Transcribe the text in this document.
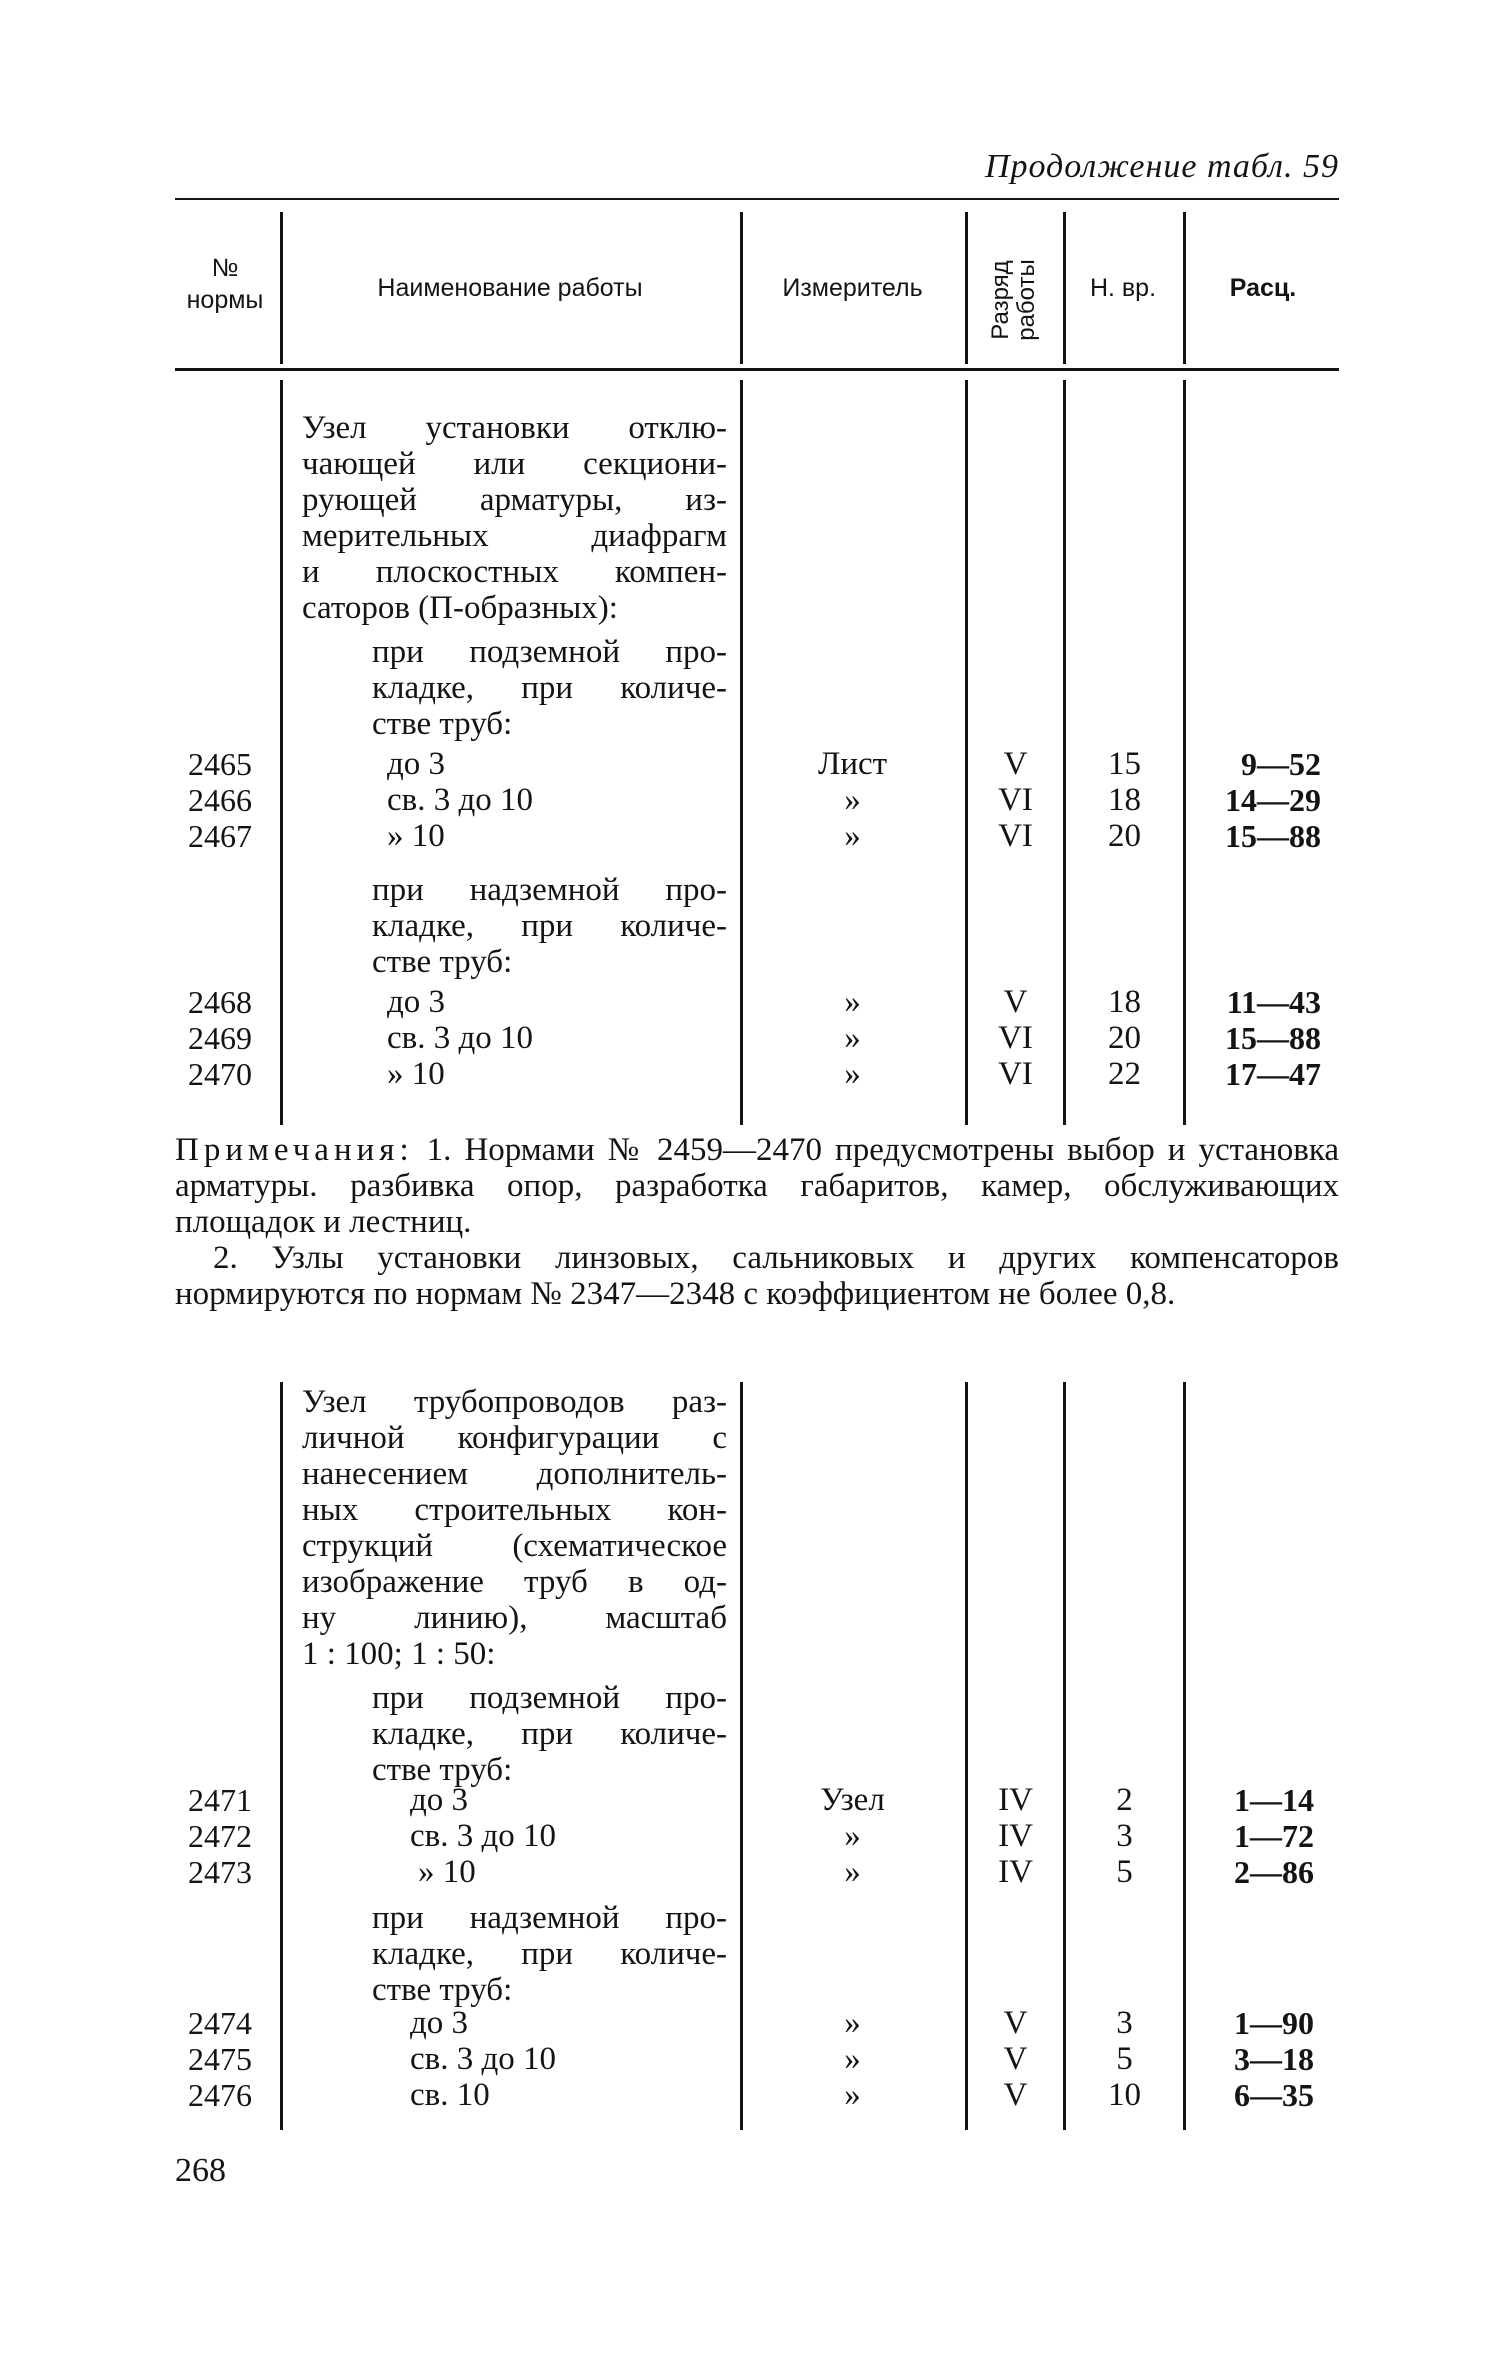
Продолжение табл. 59
№ нормы	Наименование работы	Измеритель	Разряд работы	Н. вр.	Расц.
Узел установки отклю-
чающей или секциони-
рующей арматуры, из-
мерительных диафрагм
и плоскостных компен-
саторов (П-образных):
при подземной про-
кладке, при количе-
стве труб:
2465	до 3	Лист	V	15	9—52
2466	св. 3 до 10	»	VI	18	14—29
2467	» 10	»	VI	20	15—88
при надземной про-
кладке, при количе-
стве труб:
2468	до 3	»	V	18	11—43
2469	св. 3 до 10	»	VI	20	15—88
2470	» 10	»	VI	22	17—47

Примечания: 1. Нормами № 2459—2470 предусмотрены выбор и установка арматуры. разбивка опор, разработка габаритов, камер, обслуживающих площадок и лестниц.

2. Узлы установки линзовых, сальниковых и других компенсаторов нормируются по нормам № 2347—2348 с коэффициентом не более 0,8.

Узел трубопроводов раз-
личной конфигурации с
нанесением дополнитель-
ных строительных кон-
струкций (схематическое
изображение труб в од-
ну линию), масштаб
1 : 100; 1 : 50:
при подземной про-
кладке, при количе-
стве труб:
2471	до 3	Узел	IV	2	1—14
2472	св. 3 до 10	»	IV	3	1—72
2473	» 10	»	IV	5	2—86
при надземной про-
кладке, при количе-
стве труб:
2474	до 3	»	V	3	1—90
2475	св. 3 до 10	»	V	5	3—18
2476	св. 10	»	V	10	6—35
268
